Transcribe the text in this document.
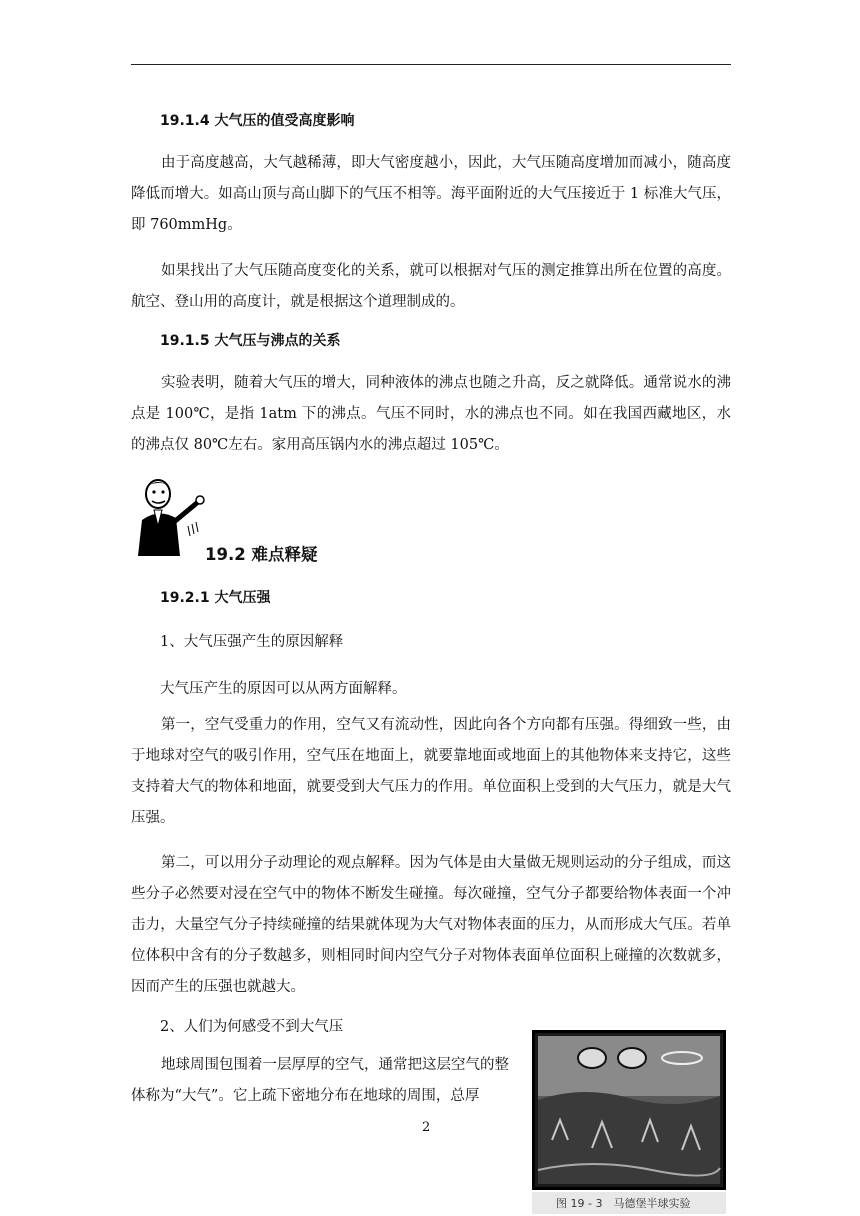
19.1.4 大气压的值受高度影响

由于高度越高，大气越稀薄，即大气密度越小，因此，大气压随高度增加而减小，随高度降低而增大。如高山顶与高山脚下的气压不相等。海平面附近的大气压接近于 1 标准大气压，即 760mmHg。

如果找出了大气压随高度变化的关系，就可以根据对气压的测定推算出所在位置的高度。航空、登山用的高度计，就是根据这个道理制成的。

19.1.5 大气压与沸点的关系

实验表明，随着大气压的增大，同种液体的沸点也随之升高，反之就降低。通常说水的沸点是 100℃，是指 1atm 下的沸点。气压不同时，水的沸点也不同。如在我国西藏地区，水的沸点仅 80℃左右。家用高压锅内水的沸点超过 105℃。

19.2 难点释疑
19.2.1 大气压强
1、大气压强产生的原因解释
大气压产生的原因可以从两方面解释。

第一，空气受重力的作用，空气又有流动性，因此向各个方向都有压强。得细致一些，由于地球对空气的吸引作用，空气压在地面上，就要靠地面或地面上的其他物体来支持它，这些支持着大气的物体和地面，就要受到大气压力的作用。单位面积上受到的大气压力，就是大气压强。

第二，可以用分子动理论的观点解释。因为气体是由大量做无规则运动的分子组成，而这些分子必然要对浸在空气中的物体不断发生碰撞。每次碰撞，空气分子都要给物体表面一个冲击力，大量空气分子持续碰撞的结果就体现为大气对物体表面的压力，从而形成大气压。若单位体积中含有的分子数越多，则相同时间内空气分子对物体表面单位面积上碰撞的次数就多，因而产生的压强也就越大。

2、人们为何感受不到大气压

地球周围包围着一层厚厚的空气，通常把这层空气的整体称为“大气”。它上疏下密地分布在地球的周围，总厚

图 19 - 3　马德堡半球实验
2
